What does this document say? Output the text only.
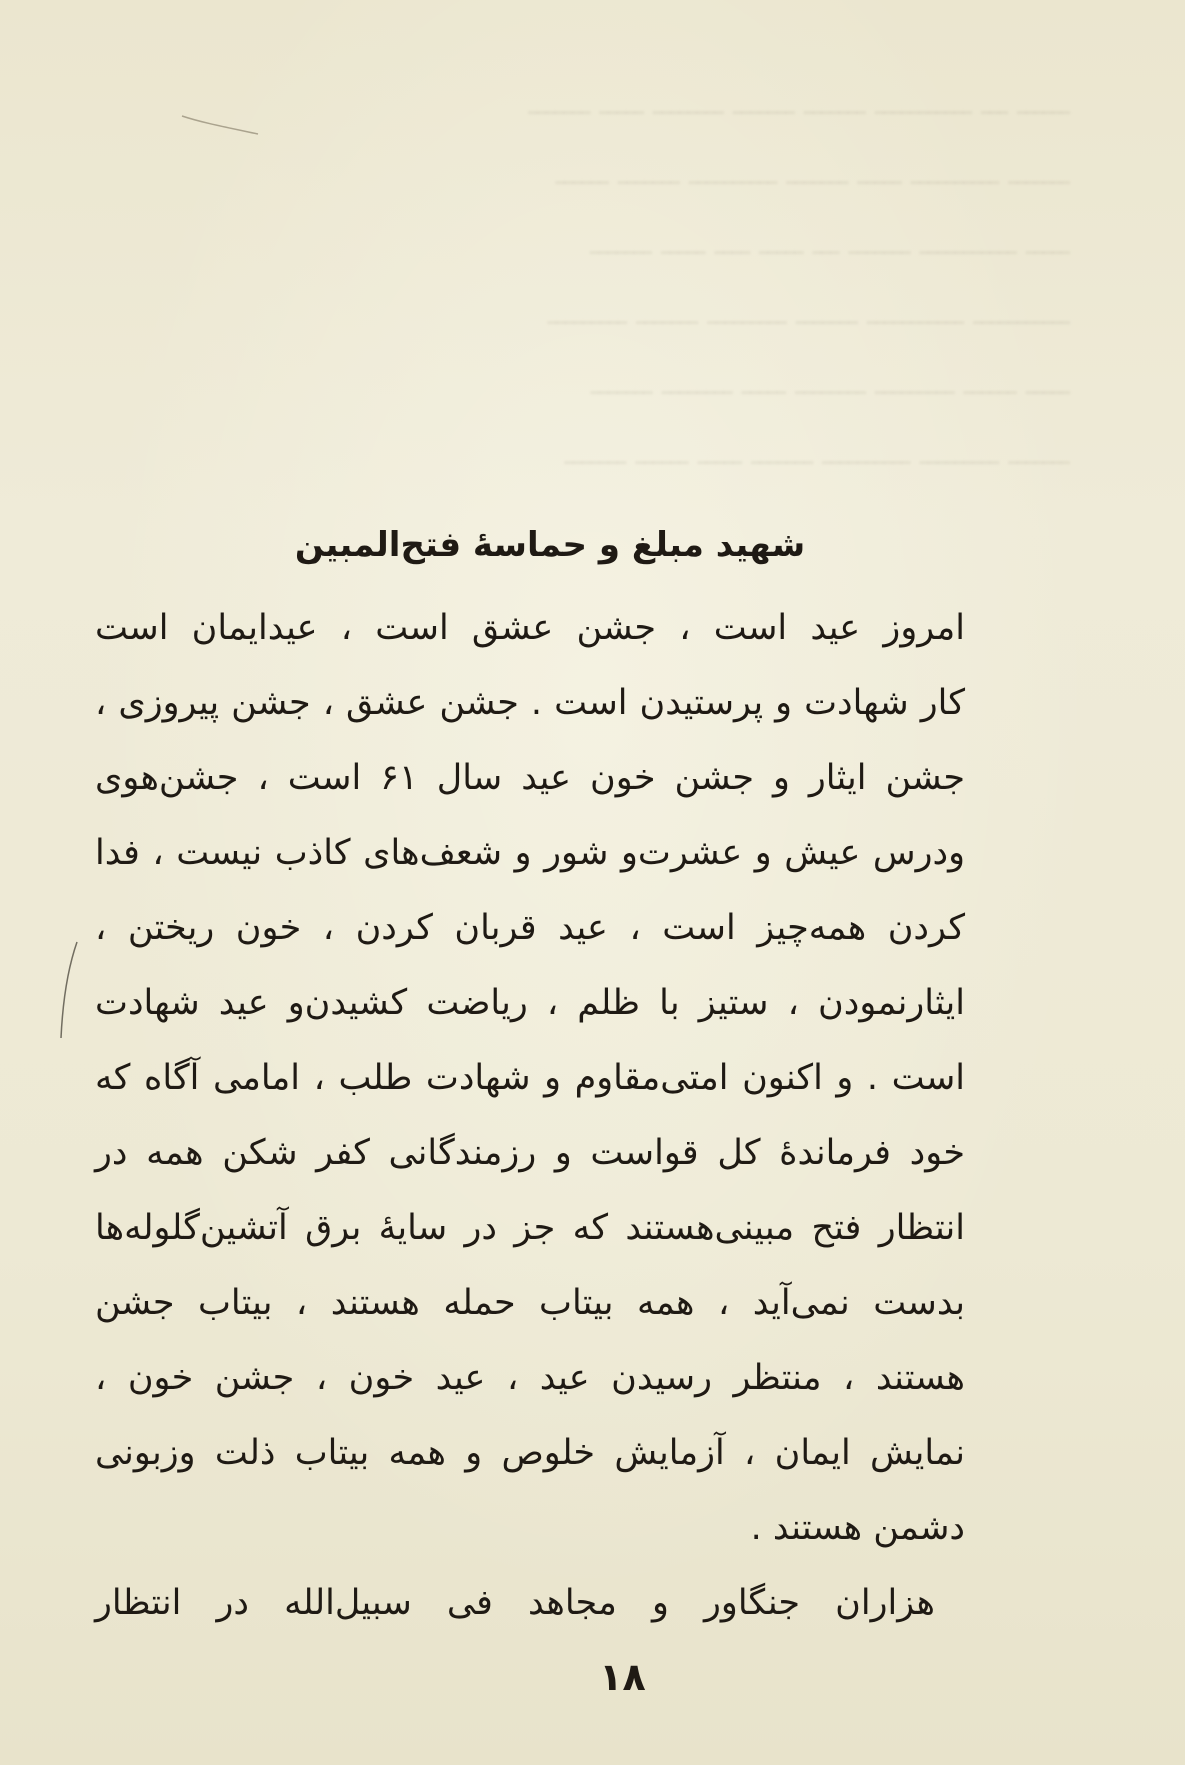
ــــــ ـــ ـــــــــــ ـــــــ ـــــــ ــــــــ ـــــ ـــــــ
ـــــــ ــــــــــ ـــــ ـــــــ ــــــــــ ـــــــ ــــــ
ـــــ ـــــــــــ ـــــــ ـــ ـــــ ــــ ـــــ ـــــــ
ـــــــــــ ـــــــــــ ـــــــ ـــــــــ ـــــــ ـــــــــ
ـــــ ــــــ ـــــــــ ــــــــ ـــــ ــــــــ ـــــــ
ـــــــ ـــــــــ ــــــــــ ـــــــ ـــــ ــــــ ـــــــ
شهید مبلغ و حماسهٔ فتح‌المبین
امروز عید است ، جشن عشق است ، عیدایمان است
کار شهادت و پرستیدن است . جشن عشق ، جشن پیروزی ،
جشن ایثار و جشن خون عید سال ۶۱ است ، جشن‌هوی
ودرس عیش و عشرت‌و شور و شعف‌های کاذب نیست ، فدا
کردن همه‌چیز است ، عید قربان کردن ، خون ریختن ،
ایثارنمودن ، ستیز با ظلم ، ریاضت کشیدن‌و عید شهادت
است . و اکنون امتی‌مقاوم و شهادت طلب ، امامی آگاه که
خود فرماندهٔ کل قواست و رزمندگانی کفر شکن همه در
انتظار فتح مبینی‌هستند که جز در سایهٔ برق آتشین‌گلوله‌ها
بدست نمی‌آید ، همه بیتاب حمله هستند ، بیتاب جشن
هستند ، منتظر رسیدن عید ، عید خون ، جشن خون ،
نمایش ایمان ، آزمایش خلوص و همه بیتاب ذلت وزبونی
دشمن هستند .
هزاران جنگاور و مجاهد فی سبیل‌الله در انتظار
۱۸
